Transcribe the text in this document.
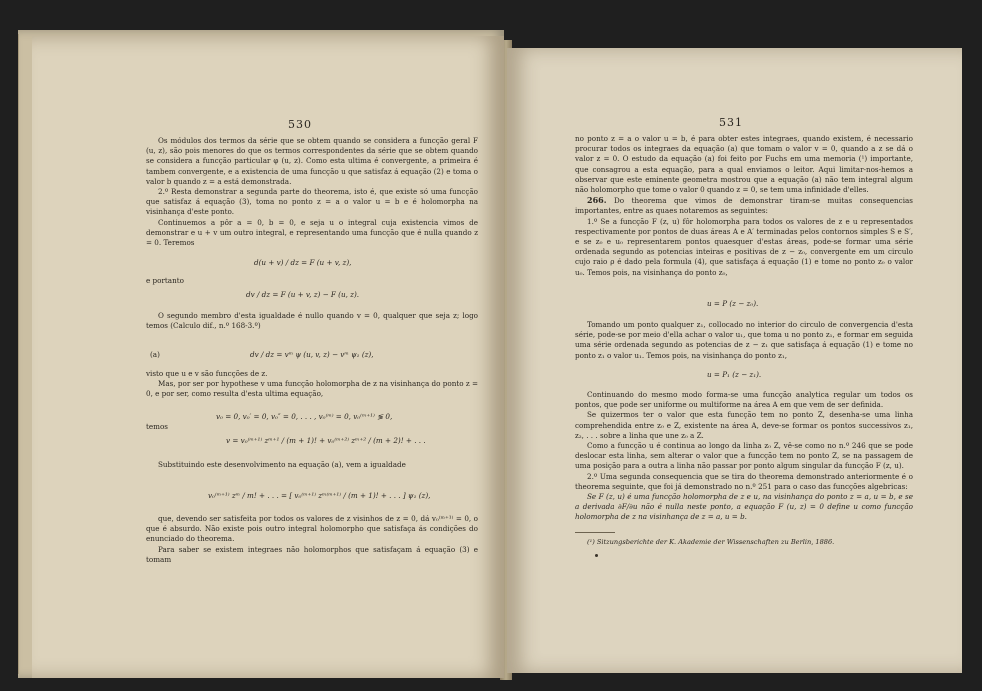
530

Os módulos dos termos da série que se obtem quando se considera a funcção geral F (u, z), são pois menores do que os termos correspondentes da série que se obtem quando se considera a funcção particular φ (u, z). Como esta ultima é convergente, a primeira é tambem convergente, e a existencia de uma funcção u que satisfaz á equação (2) e toma o valor b quando z = a está demonstrada.

2.º Resta demonstrar a segunda parte do theorema, isto é, que existe só uma funcção que satisfaz á equação (3), toma no ponto z = a o valor u = b e é holomorpha na visinhança d'este ponto.

Continuemos a pôr a = 0, b = 0, e seja u o integral cuja existencia vimos de demonstrar e u + v um outro integral, e representando uma funcção que é nulla quando z = 0. Teremos

d(u + v) / dz = F (u + v, z),
e portanto
dv / dz = F (u + v, z) − F (u, z).

O segundo membro d'esta igualdade é nullo quando v = 0, qualquer que seja z; logo temos (Calculo dif., n.º 168-3.º)

(a)	dv / dz = vᵐ ψ (u, v, z) − vᵐ ψ₁ (z),

visto que u e v são funcções de z.

Mas, por ser por hypothese v uma funcção holomorpha de z na visinhança do ponto z = 0, e por ser, como resulta d'esta ultima equação,

v₀ = 0, v₀′ = 0, v₀″ = 0, . . . , v₀⁽ᵐ⁾ = 0, v₀⁽ᵐ⁺¹⁾ ≶ 0,
temos
v = v₀⁽ᵐ⁺¹⁾ zᵐ⁺¹ / (m + 1)! + v₀⁽ᵐ⁺²⁾ zᵐ⁺² / (m + 2)! + . . .

Substituindo este desenvolvimento na equação (a), vem a igualdade

v₀⁽ᵐ⁺¹⁾ zᵐ / m! + . . . = [ v₀⁽ᵐ⁺¹⁾ zᵐ⁽ᵐ⁺¹⁾ / (m + 1)! + . . . ] ψ₁ (z),

que, devendo ser satisfeita por todos os valores de z visinhos de z = 0, dá v₀⁽ᵐ⁺¹⁾ = 0, o que é absurdo. Não existe pois outro integral holomorpho que satisfaça ás condições do enunciado do theorema.

Para saber se existem integraes não holomorphos que satisfaçam á equação (3) e tomam

531

no ponto z = a o valor u = b, é para obter estes integraes, quando existem, é necessario procurar todos os integraes da equação (a) que tomam o valor v = 0, quando a z se dá o valor z = 0. O estudo da equação (a) foi feito por Fuchs em uma memoria (¹) importante, que consagrou a esta equação, para a qual enviamos o leitor. Aqui limitar-nos-hemos a observar que este eminente geometra mostrou que a equação (a) não tem integral algum não holomorpho que tome o valor 0 quando z = 0, se tem uma infinidade d'elles.

266. Do theorema que vimos de demonstrar tiram-se muitas consequencias importantes, entre as quaes notaremos as seguintes:

1.º Se a funcção F (z, u) fôr holomorpha para todos os valores de z e u representados respectivamente por pontos de duas áreas A e A′ terminadas pelos contornos simples S e S′, e se z₀ e u₀ representarem pontos quaesquer d'estas áreas, pode-se formar uma série ordenada segundo as potencias inteiras e positivas de z − z₀, convergente em um circulo cujo raio ρ é dado pela formula (4), que satisfaça á equação (1) e tome no ponto z₀ o valor u₀. Temos pois, na visinhança do ponto z₀,

u = P (z − z₀).

Tomando um ponto qualquer z₁, collocado no interior do circulo de convergencia d'esta série, pode-se por meio d'ella achar o valor u₁, que toma u no ponto z₁, e formar em seguida uma série ordenada segundo as potencias de z − z₁ que satisfaça á equação (1) e tome no ponto z₁ o valor u₁. Temos pois, na visinhança do ponto z₁,

u = P₁ (z − z₁).

Continuando do mesmo modo forma-se uma funcção analytica regular um todos os pontos, que pode ser uniforme ou multiforme na área A em que vem de ser definida.

Se quizermos ter o valor que esta funcção tem no ponto Z, desenha-se uma linha comprehendida entre z₀ e Z, existente na área A, deve-se formar os pontos successivos z₁, z₂, . . . sobre a linha que une z₀ a Z.

Como a funcção u é continua ao longo da linha z₀ Z, vê-se como no n.º 246 que se pode deslocar esta linha, sem alterar o valor que a funcção tem no ponto Z, se na passagem de uma posição para a outra a linha não passar por ponto algum singular da funcção F (z, u).

2.º Uma segunda consequencia que se tira do theorema demonstrado anteriormente é o theorema seguinte, que foi já demonstrado no n.º 251 para o caso das funcções algebricas:

Se F (z, u) é uma funcção holomorpha de z e u, na visinhança do ponto z = a, u = b, e se a derivada ∂F/∂u não é nulla neste ponto, a equação F (u, z) = 0 define u como funcção holomorpha de z na visinhança de z = a, u = b.

(¹) Sitzungsberichte der K. Akademie der Wissenschaften zu Berlin, 1886.
